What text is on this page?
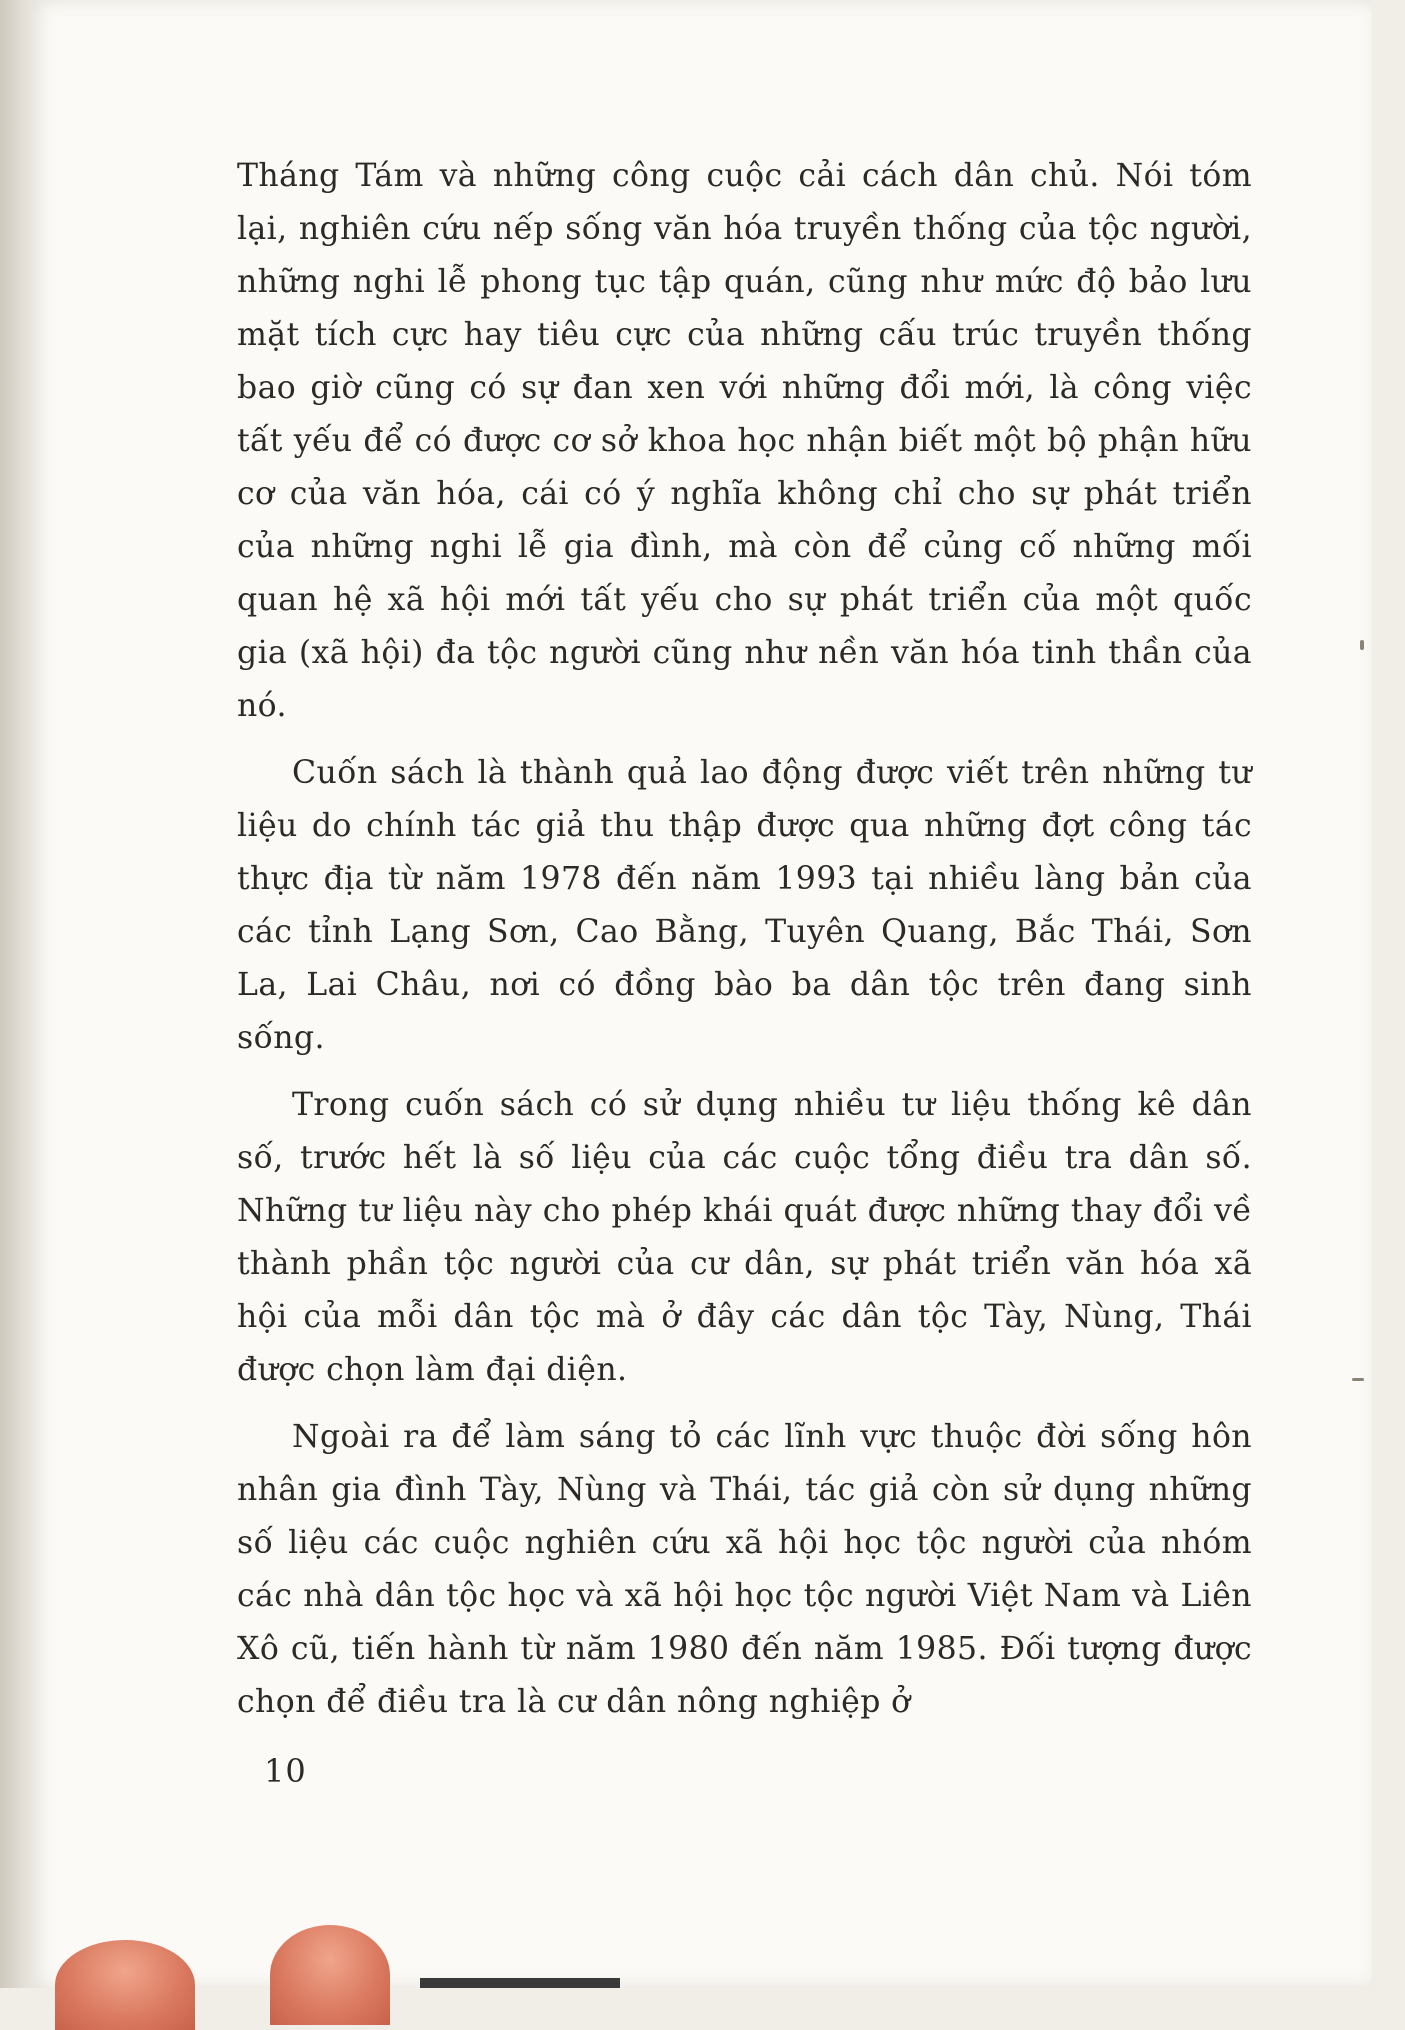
Tháng Tám và những công cuộc cải cách dân chủ. Nói tóm lại, nghiên cứu nếp sống văn hóa truyền thống của tộc người, những nghi lễ phong tục tập quán, cũng như mức độ bảo lưu mặt tích cực hay tiêu cực của những cấu trúc truyền thống bao giờ cũng có sự đan xen với những đổi mới, là công việc tất yếu để có được cơ sở khoa học nhận biết một bộ phận hữu cơ của văn hóa, cái có ý nghĩa không chỉ cho sự phát triển của những nghi lễ gia đình, mà còn để củng cố những mối quan hệ xã hội mới tất yếu cho sự phát triển của một quốc gia (xã hội) đa tộc người cũng như nền văn hóa tinh thần của nó.

Cuốn sách là thành quả lao động được viết trên những tư liệu do chính tác giả thu thập được qua những đợt công tác thực địa từ năm 1978 đến năm 1993 tại nhiều làng bản của các tỉnh Lạng Sơn, Cao Bằng, Tuyên Quang, Bắc Thái, Sơn La, Lai Châu, nơi có đồng bào ba dân tộc trên đang sinh sống.

Trong cuốn sách có sử dụng nhiều tư liệu thống kê dân số, trước hết là số liệu của các cuộc tổng điều tra dân số. Những tư liệu này cho phép khái quát được những thay đổi về thành phần tộc người của cư dân, sự phát triển văn hóa xã hội của mỗi dân tộc mà ở đây các dân tộc Tày, Nùng, Thái được chọn làm đại diện.

Ngoài ra để làm sáng tỏ các lĩnh vực thuộc đời sống hôn nhân gia đình Tày, Nùng và Thái, tác giả còn sử dụng những số liệu các cuộc nghiên cứu xã hội học tộc người của nhóm các nhà dân tộc học và xã hội học tộc người Việt Nam và Liên Xô cũ, tiến hành từ năm 1980 đến năm 1985. Đối tượng được chọn để điều tra là cư dân nông nghiệp ở

10
